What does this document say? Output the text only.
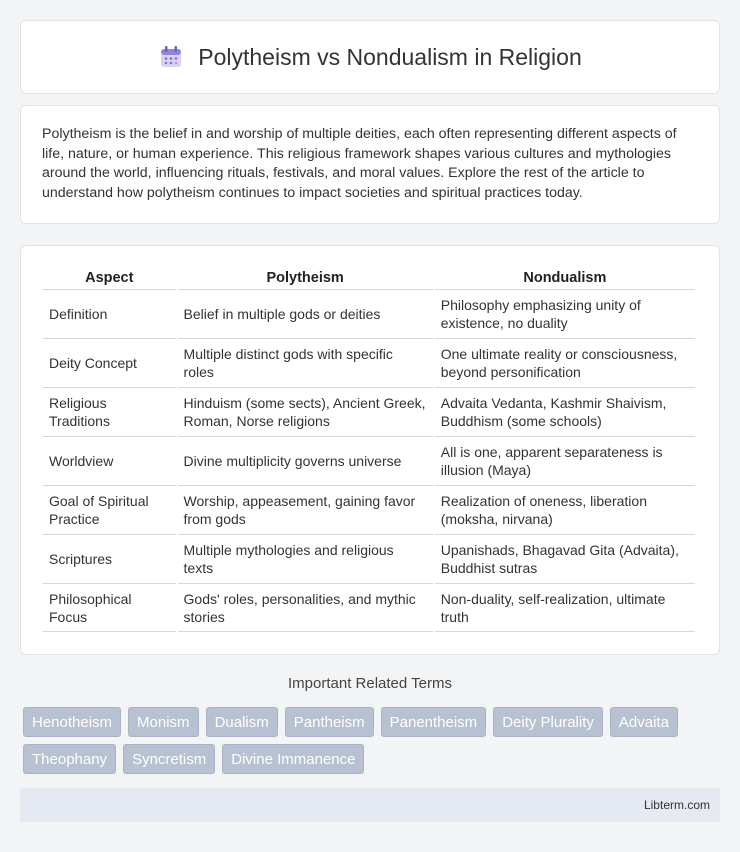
Polytheism vs Nondualism in Religion

Polytheism is the belief in and worship of multiple deities, each often representing different aspects of life, nature, or human experience. This religious framework shapes various cultures and mythologies around the world, influencing rituals, festivals, and moral values. Explore the rest of the article to understand how polytheism continues to impact societies and spiritual practices today.

Aspect	Polytheism	Nondualism
Definition	Belief in multiple gods or deities	Philosophy emphasizing unity of existence, no duality
Deity Concept	Multiple distinct gods with specific roles	One ultimate reality or consciousness, beyond personification
Religious Traditions	Hinduism (some sects), Ancient Greek, Roman, Norse religions	Advaita Vedanta, Kashmir Shaivism, Buddhism (some schools)
Worldview	Divine multiplicity governs universe	All is one, apparent separateness is illusion (Maya)
Goal of Spiritual Practice	Worship, appeasement, gaining favor from gods	Realization of oneness, liberation (moksha, nirvana)
Scriptures	Multiple mythologies and religious texts	Upanishads, Bhagavad Gita (Advaita), Buddhist sutras
Philosophical Focus	Gods' roles, personalities, and mythic stories	Non-duality, self-realization, ultimate truth
Important Related Terms
Henotheism	Monism	Dualism	Pantheism	Panentheism	Deity Plurality	Advaita
Theophany	Syncretism	Divine Immanence
Libterm.com
